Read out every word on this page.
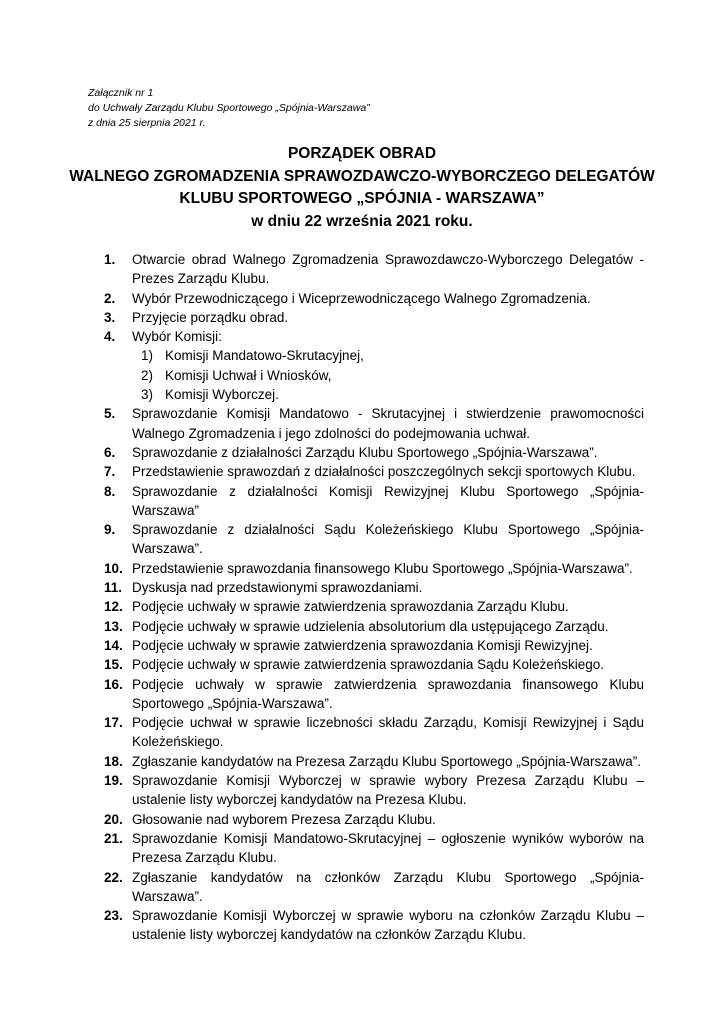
Załącznik nr 1
do Uchwały Zarządu Klubu Sportowego „Spójnia-Warszawa”
z dnia 25 sierpnia 2021 r.
PORZĄDEK OBRAD
WALNEGO ZGROMADZENIA SPRAWOZDAWCZO-WYBORCZEGO DELEGATÓW
KLUBU SPORTOWEGO „SPÓJNIA - WARSZAWA”
w dniu 22 września 2021 roku.
1. Otwarcie obrad Walnego Zgromadzenia Sprawozdawczo-Wyborczego Delegatów - Prezes Zarządu Klubu.
2. Wybór Przewodniczącego i Wiceprzewodniczącego Walnego Zgromadzenia.
3. Przyjęcie porządku obrad.
4. Wybór Komisji:
1) Komisji Mandatowo-Skrutacyjnej,
2) Komisji Uchwał i Wniosków,
3) Komisji Wyborczej.
5. Sprawozdanie Komisji Mandatowo - Skrutacyjnej i stwierdzenie prawomocności Walnego Zgromadzenia i jego zdolności do podejmowania uchwał.
6. Sprawozdanie z działalności Zarządu Klubu Sportowego „Spójnia-Warszawa”.
7. Przedstawienie sprawozdań z działalności poszczególnych sekcji sportowych Klubu.
8. Sprawozdanie z działalności Komisji Rewizyjnej Klubu Sportowego „Spójnia-Warszawa”
9. Sprawozdanie z działalności Sądu Koleżeńskiego Klubu Sportowego „Spójnia-Warszawa”.
10. Przedstawienie sprawozdania finansowego Klubu Sportowego „Spójnia-Warszawa”.
11. Dyskusja nad przedstawionymi sprawozdaniami.
12. Podjęcie uchwały w sprawie zatwierdzenia sprawozdania Zarządu Klubu.
13. Podjęcie uchwały w sprawie udzielenia absolutorium dla ustępującego Zarządu.
14. Podjęcie uchwały w sprawie zatwierdzenia sprawozdania Komisji Rewizyjnej.
15. Podjęcie uchwały w sprawie zatwierdzenia sprawozdania Sądu Koleżeńskiego.
16. Podjęcie uchwały w sprawie zatwierdzenia sprawozdania finansowego Klubu Sportowego „Spójnia-Warszawa”.
17. Podjęcie uchwał w sprawie liczebności składu Zarządu, Komisji Rewizyjnej i Sądu Koleżeńskiego.
18. Zgłaszanie kandydatów na Prezesa Zarządu Klubu Sportowego „Spójnia-Warszawa”.
19. Sprawozdanie Komisji Wyborczej w sprawie wybory Prezesa Zarządu Klubu – ustalenie listy wyborczej kandydatów na Prezesa Klubu.
20. Głosowanie nad wyborem Prezesa Zarządu Klubu.
21. Sprawozdanie Komisji Mandatowo-Skrutacyjnej – ogłoszenie wyników wyborów na Prezesa Zarządu Klubu.
22. Zgłaszanie kandydatów na członków Zarządu Klubu Sportowego „Spójnia-Warszawa”.
23. Sprawozdanie Komisji Wyborczej w sprawie wyboru na członków Zarządu Klubu – ustalenie listy wyborczej kandydatów na członków Zarządu Klubu.
